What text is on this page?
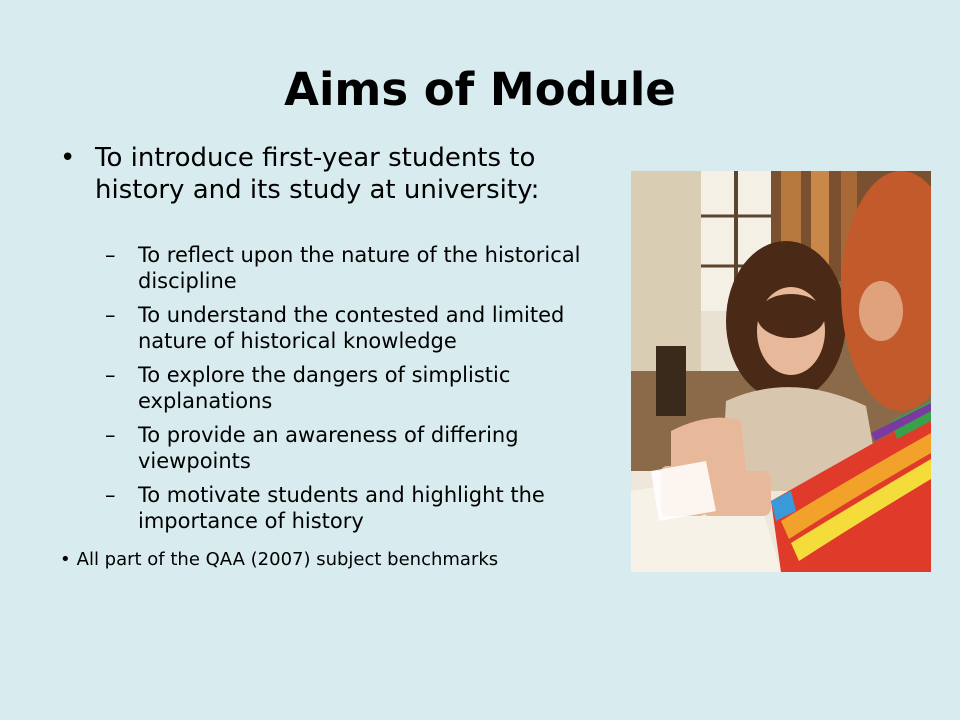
Aims of Module
• To introduce first-year students to history and its study at university:
– To reflect upon the nature of the historical discipline
– To understand the contested and limited nature of historical knowledge
– To explore the dangers of simplistic explanations
– To provide an awareness of differing viewpoints
– To motivate students and highlight the importance of history
• All part of the QAA (2007) subject benchmarks
